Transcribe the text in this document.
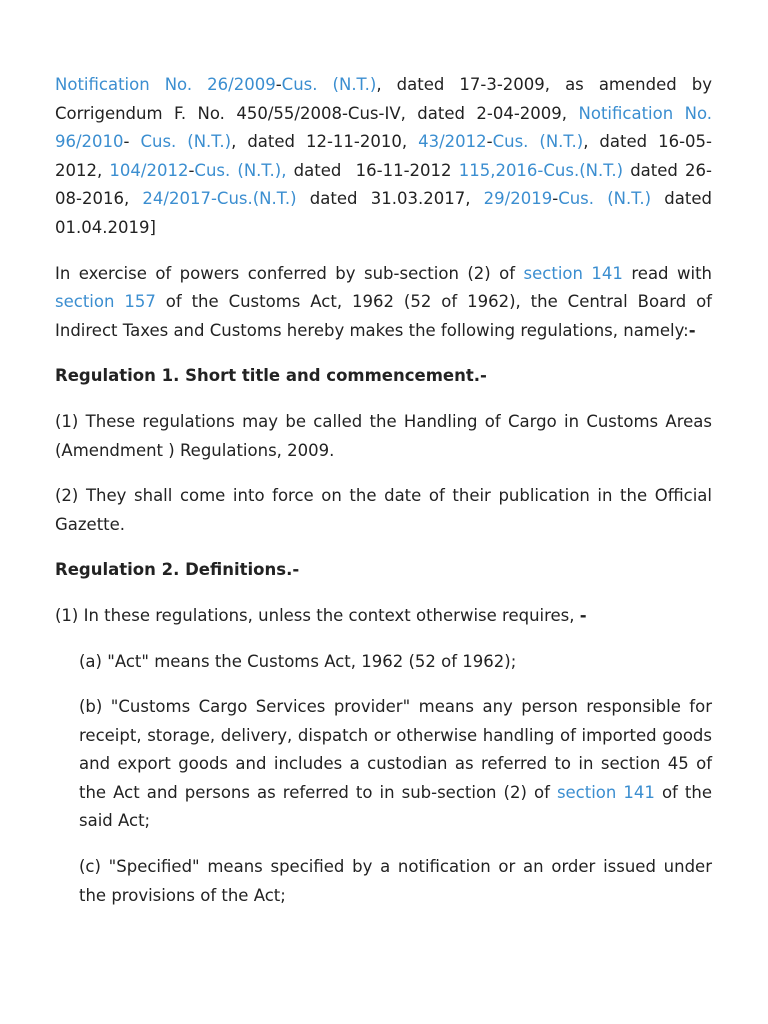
Notification No. 26/2009-Cus. (N.T.), dated 17-3-2009, as amended by Corrigendum F. No. 450/55/2008-Cus-IV, dated 2-04-2009, Notification No. 96/2010- Cus. (N.T.), dated 12-11-2010, 43/2012-Cus. (N.T.), dated 16-05-2012, 104/2012-Cus. (N.T.), dated  16-11-2012 115,2016-Cus.(N.T.) dated 26-08-2016, 24/2017-Cus.(N.T.) dated 31.03.2017, 29/2019-Cus. (N.T.) dated 01.04.2019]

In exercise of powers conferred by sub-section (2) of section 141 read with section 157 of the Customs Act, 1962 (52 of 1962), the Central Board of Indirect Taxes and Customs hereby makes the following regulations, namely:-

Regulation 1. Short title and commencement.-

(1) These regulations may be called the Handling of Cargo in Customs Areas (Amendment ) Regulations, 2009.

(2) They shall come into force on the date of their publication in the Official Gazette.

Regulation 2. Definitions.-

(1) In these regulations, unless the context otherwise requires, -

(a) "Act" means the Customs Act, 1962 (52 of 1962);

(b) "Customs Cargo Services provider" means any person responsible for receipt, storage, delivery, dispatch or otherwise handling of imported goods and export goods and includes a custodian as referred to in section 45 of the Act and persons as referred to in sub-section (2) of section 141 of the said Act;

(c) "Specified" means specified by a notification or an order issued under the provisions of the Act;
